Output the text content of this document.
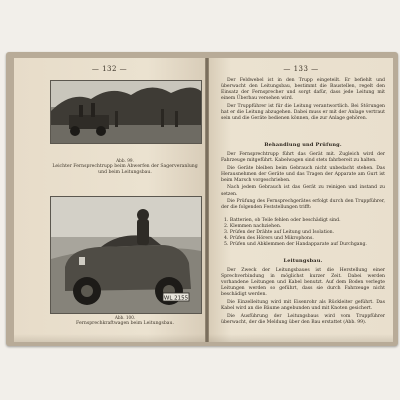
— 132 —
Abb. 99.
Leichter Fernsprechtrupp beim Abwerfen der Sagerveranlung und beim Leitungsbau.
WL 2155
Abb. 100.
Fernsprechkraftwagen beim Leitungsbau.
— 133 —

Der Feldwebel ist in den Trupp eingeteilt. Er befiehlt und überwacht den Leitungsbau, bestimmt die Baustellen, regelt den Einsatz der Fernsprecher und sorgt dafür, dass jede Leitung mit einem Überbau versehen wird.

Der Truppführer ist für die Leitung verantwortlich. Bei Störungen hat er die Leitung abzugehen. Dabei muss er mit der Anlage vertraut sein und die Geräte bedienen können, die zur Anlage gehören.

Behandlung und Prüfung.

Der Fernsprechtrupp führt das Gerät mit. Zugleich wird der Fahrzeuge mitgeführt. Kabelwagen sind stets fahrbereit zu halten.

Die Geräte bleiben beim Gebrauch nicht unbedacht stehen. Das Herausnehmen der Geräte und das Tragen der Apparate am Gurt ist beim Marsch vorgeschrieben.

Nach jedem Gebrauch ist das Gerät zu reinigen und instand zu setzen.

Die Prüfung des Fernsprechgerätes erfolgt durch den Truppführer, der die folgenden Feststellungen trifft:

1. Batterien, ob Teile fehlen oder beschädigt sind.
2. Klemmen nachziehen.
3. Prüfen der Drähte auf Leitung und Isolation.
4. Prüfen des Hörers und Mikrophons.
5. Prüfen und Abklemmen der Handapparate auf Durchgang.
Leitungsbau.

Der Zweck der Leitungsbaues ist die Herstellung einer Sprechverbindung in möglichst kurzer Zeit. Dabei werden vorhandene Leitungen und Kabel benutzt. Auf dem Boden verlegte Leitungen werden so geführt, dass sie durch Fahrzeuge nicht beschädigt werden.

Die Einzelleitung wird mit Eisenrohr als Rückleiter geführt. Das Kabel wird an die Bäume angebunden und mit Knoten gesichert.

Die Ausführung der Leitungsbaus wird vom Truppführer überwacht, der die Meldung über den Bau erstattet (Abb. 99).
